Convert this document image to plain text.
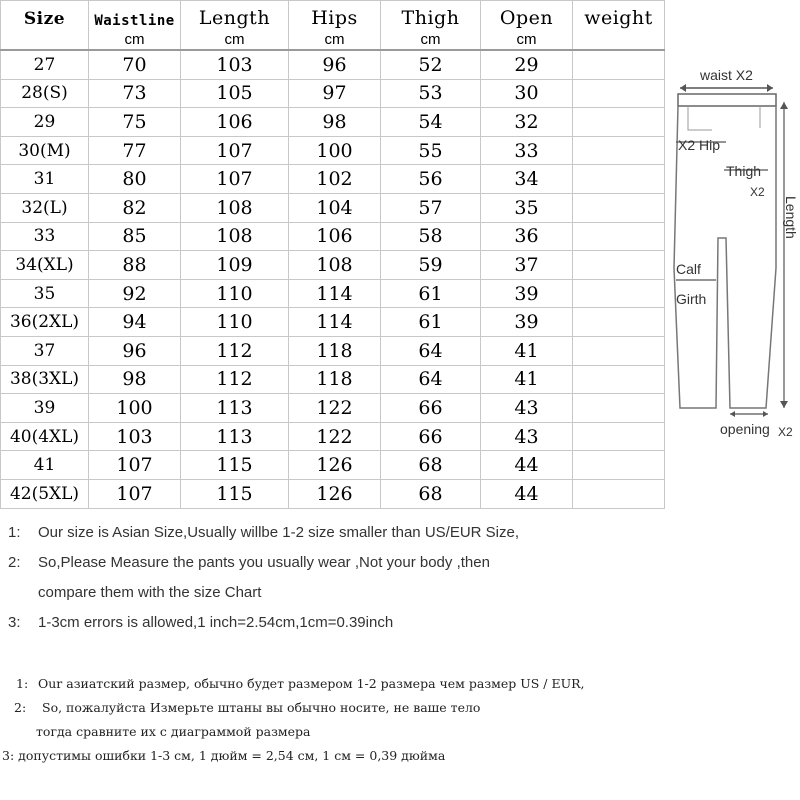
Size	Waistline	Length	Hips	Thigh	Open	weight
	cm	cm	cm	cm	cm	
27	70	103	96	52	29	
28(S)	73	105	97	53	30	
29	75	106	98	54	32	
30(M)	77	107	100	55	33	
31	80	107	102	56	34	
32(L)	82	108	104	57	35	
33	85	108	106	58	36	
34(XL)	88	109	108	59	37	
35	92	110	114	61	39	
36(2XL)	94	110	114	61	39	
37	96	112	118	64	41	
38(3XL)	98	112	118	64	41	
39	100	113	122	66	43	
40(4XL)	103	113	122	66	43	
41	107	115	126	68	44	
42(5XL)	107	115	126	68	44	
waist X2
X2 Hip
Thigh
X2
Length
Calf
Girth
opening X2
1: Our size is Asian Size,Usually willbe 1-2 size smaller than US/EUR Size,
2: So,Please Measure the pants you usually wear ,Not your body ,then
compare them with the size Chart
3: 1-3cm errors is allowed,1 inch=2.54cm,1cm=0.39inch
1: Our азиатский размер, обычно будет размером 1-2 размера чем размер US / EUR,
2: So, пожалуйста Измерьте штаны вы обычно носите, не ваше тело
тогда сравните их с диаграммой размера
3: допустимы ошибки 1-3 см, 1 дюйм = 2,54 см, 1 см = 0,39 дюйма
